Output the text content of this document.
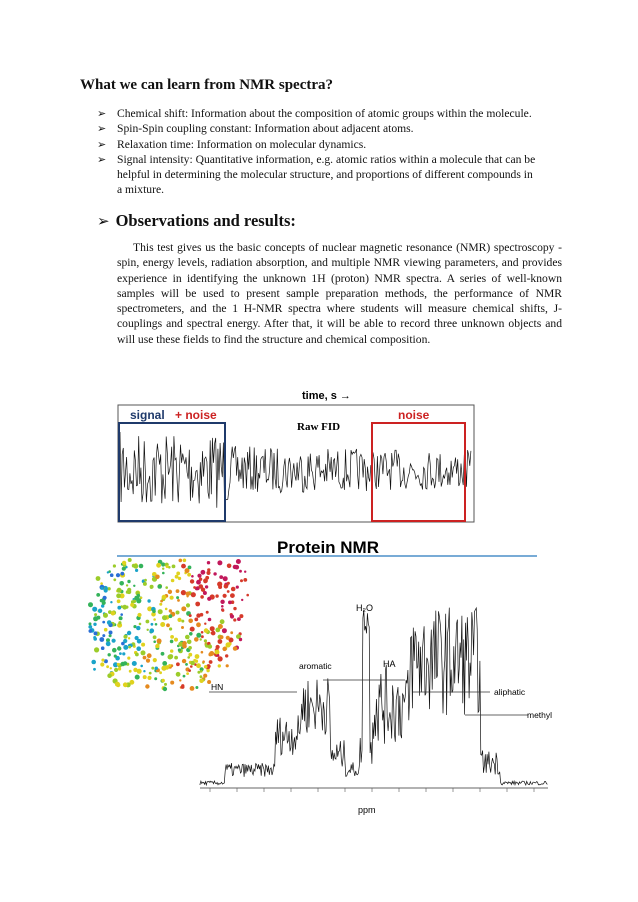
What we can learn from NMR spectra?
➢ Chemical shift: Information about the composition of atomic groups within the molecule.
➢ Spin-Spin coupling constant: Information about adjacent atoms.
➢ Relaxation time: Information on molecular dynamics.
➢ Signal intensity: Quantitative information, e.g. atomic ratios within a molecule that can be helpful in determining the molecular structure, and proportions of different compounds in a mixture.
➢ Observations and results:
This test gives us the basic concepts of nuclear magnetic resonance (NMR) spectroscopy - spin, energy levels, radiation absorption, and multiple NMR viewing parameters, and provides experience in identifying the unknown 1H (proton) NMR spectra. A series of well-known samples will be used to present sample preparation methods, the performance of NMR spectrometers, and the 1 H-NMR spectra where students will measure chemical shifts, J-couplings and spectral energy. After that, it will be able to record three unknown objects and will use these fields to find the structure and chemical composition.
time, s →
signal + noise	noise
Raw FID
Protein NMR
ppm
H₂O
HA
aromatic
HN	aliphatic
methyl
